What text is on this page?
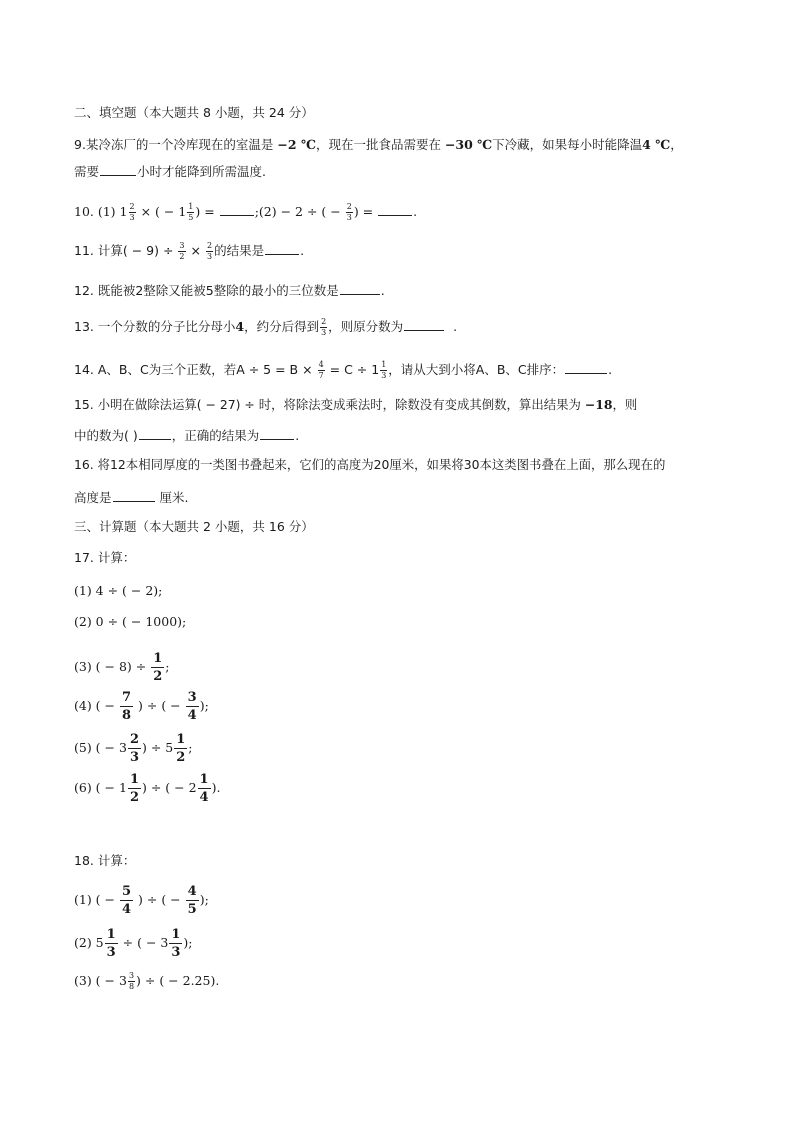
二、填空题（本大题共 8 小题，共 24 分）
9.某冷冻厂的一个冷库现在的室温是 −2 ℃，现在一批食品需要在 −30 ℃下冷藏，如果每小时能降温4 ℃，
需要	小时才能降到所需温度.
10. (1) $1 \frac{2}{3}$ × ( − $1 \frac{1}{5}$ ) =	;(2) − 2 ÷ ( − $\frac{2}{3}$ ) =	.
11. 计算( − $9) \div \frac{3}{2} \times \frac{2}{3}$ 的结果是	.
12. 既能被2整除又能被5整除的最小的三位数是	.
13. 一个分数的分子比分母小4，约分后得到 $\frac{2}{3}$ ，则原分数为	.
14. A、B、C为三个正数，若$A \div 5 = B \times \frac{4}{7} = C \div 1 \frac{1}{3}$ ，请从大到小将A、B、C排序：	.
15. 小明在做除法运算( − 27) ÷ 时，将除法变成乘法时，除数没有变成其倒数，算出结果为 −18，则
中的数为( )	，正确的结果为	.
16. 将12本相同厚度的一类图书叠起来，它们的高度为20厘米，如果将30本这类图书叠在上面，那么现在的
高度是	厘米.
三、计算题（本大题共 2 小题，共 16 分）
17. 计算：
(1) 4 ÷ ( − 2);
(2) 0 ÷ ( − 1000);
(3) ( − $8) \div \frac{1}{2}$ ;
(4) ( − $\frac{7}{8}$ ) ÷ ( − $\frac{3}{4}$ );
(5) ( − $3 \frac{2}{3}$ ) ÷ $5 \frac{1}{2}$ ;
(6) ( − $1 \frac{1}{2}$ ) ÷ ( − $2 \frac{1}{4}$ ).
18. 计算：
(1) ( − $\frac{5}{4}$ ) ÷ ( − $\frac{4}{5}$ );
(2) $5 \frac{1}{3}$ ÷ ( − $3 \frac{1}{3}$ );
(3) ( − $3 \frac{3}{8}$ ) ÷ ( − 2.25).
